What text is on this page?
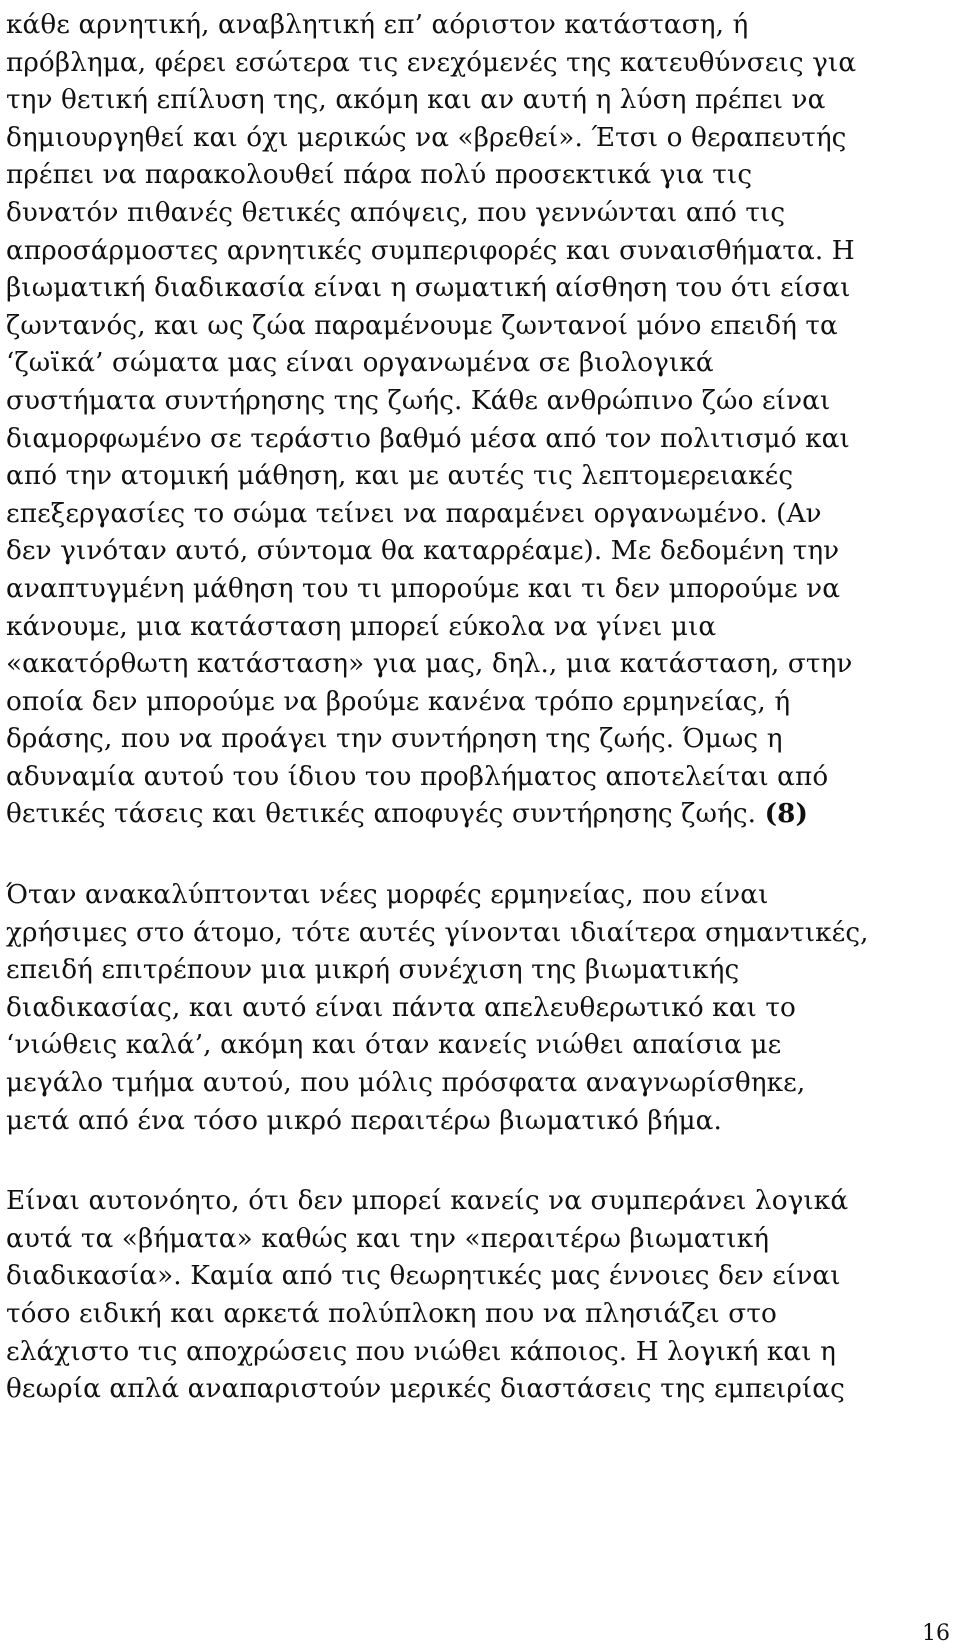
κάθε αρνητική, αναβλητική επ’ αόριστον κατάσταση, ή
πρόβλημα, φέρει εσώτερα τις ενεχόμενές της κατευθύνσεις για
την θετική επίλυση της, ακόμη και αν αυτή η λύση πρέπει να
δημιουργηθεί και όχι μερικώς να «βρεθεί». Έτσι ο θεραπευτής
πρέπει να παρακολουθεί πάρα πολύ προσεκτικά για τις
δυνατόν πιθανές θετικές απόψεις, που γεννώνται από τις
απροσάρμοστες αρνητικές συμπεριφορές και συναισθήματα. Η
βιωματική διαδικασία είναι η σωματική αίσθηση του ότι είσαι
ζωντανός, και ως ζώα παραμένουμε ζωντανοί μόνο επειδή τα
‘ζωϊκά’ σώματα μας είναι οργανωμένα σε βιολογικά
συστήματα συντήρησης της ζωής. Κάθε ανθρώπινο ζώο είναι
διαμορφωμένο σε τεράστιο βαθμό μέσα από τον πολιτισμό και
από την ατομική μάθηση, και με αυτές τις λεπτομερειακές
επεξεργασίες το σώμα τείνει να παραμένει οργανωμένο. (Αν
δεν γινόταν αυτό, σύντομα θα καταρρέαμε). Με δεδομένη την
αναπτυγμένη μάθηση του τι μπορούμε και τι δεν μπορούμε να
κάνουμε, μια κατάσταση μπορεί εύκολα να γίνει μια
«ακατόρθωτη κατάσταση» για μας, δηλ., μια κατάσταση, στην
οποία δεν μπορούμε να βρούμε κανένα τρόπο ερμηνείας, ή
δράσης, που να προάγει την συντήρηση της ζωής. Όμως η
αδυναμία αυτού του ίδιου του προβλήματος αποτελείται από
θετικές τάσεις και θετικές αποφυγές συντήρησης ζωής. (8)

Όταν ανακαλύπτονται νέες μορφές ερμηνείας, που είναι
χρήσιμες στο άτομο, τότε αυτές γίνονται ιδιαίτερα σημαντικές,
επειδή επιτρέπουν μια μικρή συνέχιση της βιωματικής
διαδικασίας, και αυτό είναι πάντα απελευθερωτικό και το
‘νιώθεις καλά’, ακόμη και όταν κανείς νιώθει απαίσια με
μεγάλο τμήμα αυτού, που μόλις πρόσφατα αναγνωρίσθηκε,
μετά από ένα τόσο μικρό περαιτέρω βιωματικό βήμα.

Είναι αυτονόητο, ότι δεν μπορεί κανείς να συμπεράνει λογικά
αυτά τα «βήματα» καθώς και την «περαιτέρω βιωματική
διαδικασία». Καμία από τις θεωρητικές μας έννοιες δεν είναι
τόσο ειδική και αρκετά πολύπλοκη που να πλησιάζει στο
ελάχιστο τις αποχρώσεις που νιώθει κάποιος. Η λογική και η
θεωρία απλά αναπαριστούν μερικές διαστάσεις της εμπειρίας

16
